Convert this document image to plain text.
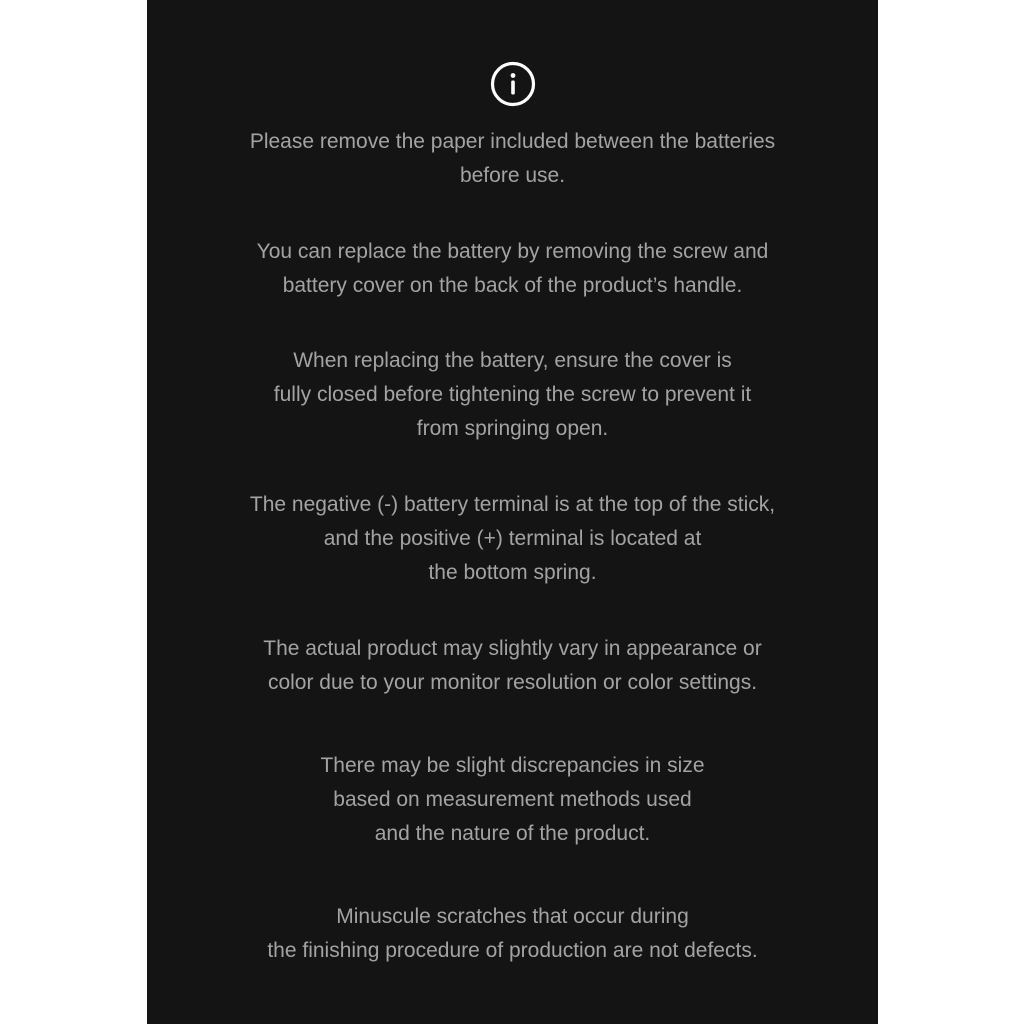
Please remove the paper included between the batteries
before use.

You can replace the battery by removing the screw and
battery cover on the back of the product’s handle.

When replacing the battery, ensure the cover is
fully closed before tightening the screw to prevent it
from springing open.

The negative (-) battery terminal is at the top of the stick,
and the positive (+) terminal is located at
the bottom spring.

The actual product may slightly vary in appearance or
color due to your monitor resolution or color settings.

There may be slight discrepancies in size
based on measurement methods used
and the nature of the product.

Minuscule scratches that occur during
the finishing procedure of production are not defects.
